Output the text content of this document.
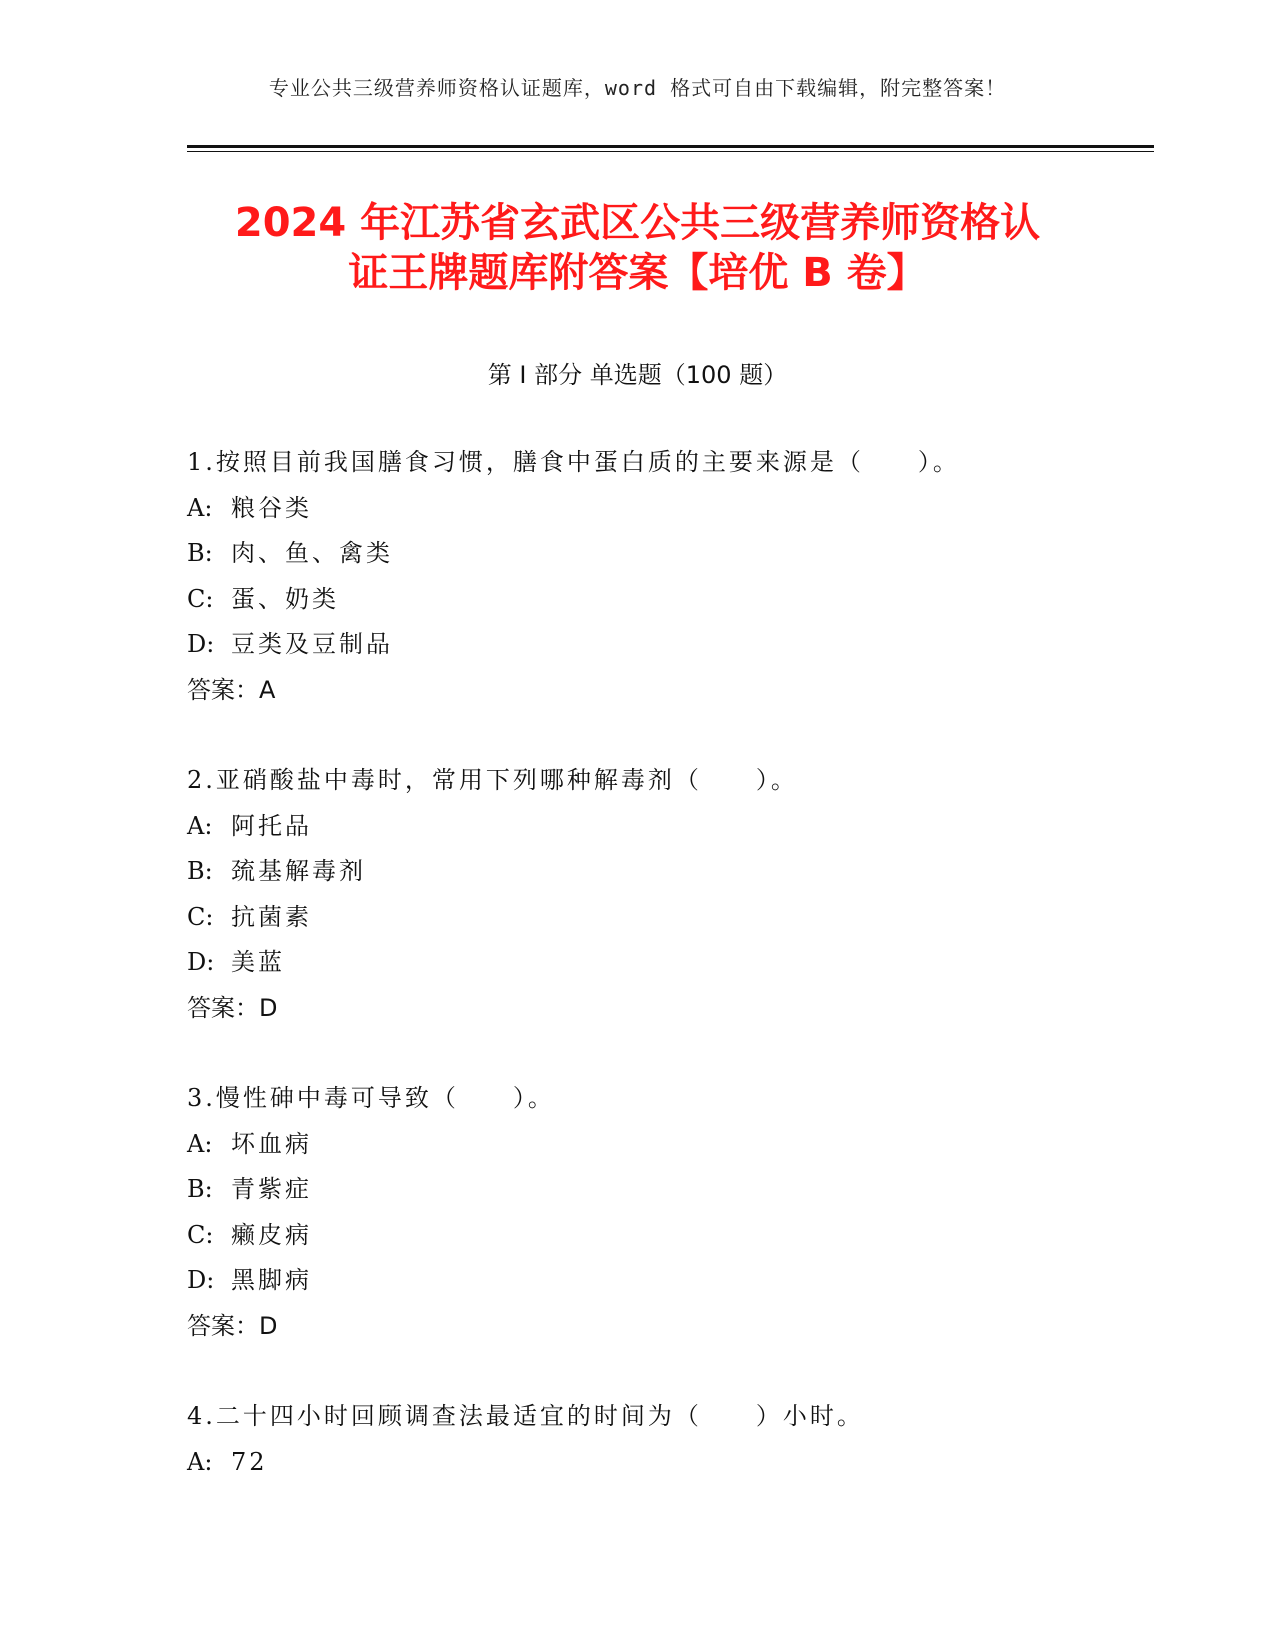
专业公共三级营养师资格认证题库，word 格式可自由下载编辑，附完整答案！
2024 年江苏省玄武区公共三级营养师资格认
证王牌题库附答案【培优 B 卷】
第 I 部分 单选题（100 题）
1.按照目前我国膳食习惯，膳食中蛋白质的主要来源是（　　）。
A: 粮谷类
B: 肉、鱼、禽类
C: 蛋、奶类
D: 豆类及豆制品
答案：A
2.亚硝酸盐中毒时，常用下列哪种解毒剂（　　）。
A: 阿托品
B: 巯基解毒剂
C: 抗菌素
D: 美蓝
答案：D
3.慢性砷中毒可导致（　　）。
A: 坏血病
B: 青紫症
C: 癞皮病
D: 黑脚病
答案：D
4.二十四小时回顾调查法最适宜的时间为（　　）小时。
A: 72
